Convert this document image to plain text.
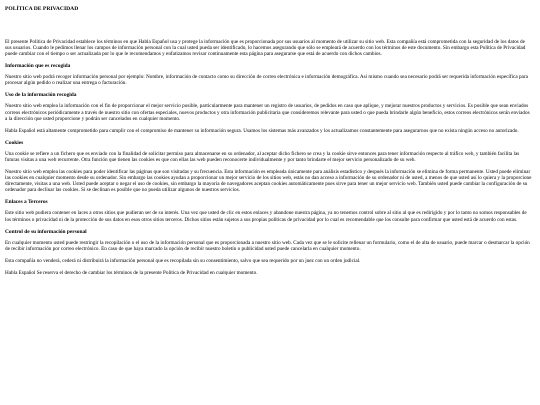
POLÍTICA DE PRIVACIDAD

El presente Política de Privacidad establece los términos en que Habla Español usa y protege la información que es proporcionada por sus usuarios al momento de utilizar su sitio web. Esta compañía está comprometida con la seguridad de los datos de sus usuarios. Cuando le pedimos llenar los campos de información personal con la cual usted pueda ser identificado, lo hacemos asegurando que sólo se empleará de acuerdo con los términos de este documento. Sin embargo esta Política de Privacidad puede cambiar con el tiempo o ser actualizada por lo que le recomendamos y enfatizamos revisar continuamente esta página para asegurarse que está de acuerdo con dichos cambios.

Información que es recogida

Nuestro sitio web podrá recoger información personal por ejemplo: Nombre, información de contacto como su dirección de correo electrónica e información demográfica. Así mismo cuando sea necesario podrá ser requerida información específica para procesar algún pedido o realizar una entrega o facturación.

Uso de la información recogida

Nuestro sitio web emplea la información con el fin de proporcionar el mejor servicio posible, particularmente para mantener un registro de usuarios, de pedidos en caso que aplique, y mejorar nuestros productos y servicios. Es posible que sean enviados correos electrónicos periódicamente a través de nuestro sitio con ofertas especiales, nuevos productos y otra información publicitaria que consideremos relevante para usted o que pueda brindarle algún beneficio, estos correos electrónicos serán enviados a la dirección que usted proporcione y podrán ser cancelados en cualquier momento.

Habla Español está altamente comprometido para cumplir con el compromiso de mantener su información segura. Usamos los sistemas más avanzados y los actualizamos constantemente para asegurarnos que no exista ningún acceso no autorizado.

Cookies

Una cookie se refiere a un fichero que es enviado con la finalidad de solicitar permiso para almacenarse en su ordenador, al aceptar dicho fichero se crea y la cookie sirve entonces para tener información respecto al tráfico web, y también facilita las futuras visitas a una web recurrente. Otra función que tienen las cookies es que con ellas las web pueden reconocerte individualmente y por tanto brindarte el mejor servicio personalizado de su web.

Nuestro sitio web emplea las cookies para poder identificar las páginas que son visitadas y su frecuencia. Esta información es empleada únicamente para análisis estadístico y después la información se elimina de forma permanente. Usted puede eliminar las cookies en cualquier momento desde su ordenador. Sin embargo las cookies ayudan a proporcionar un mejor servicio de los sitios web, estás no dan acceso a información de su ordenador ni de usted, a menos de que usted así lo quiera y la proporcione directamente, visitas a una web. Usted puede aceptar o negar el uso de cookies, sin embargo la mayoría de navegadores aceptan cookies automáticamente pues sirve para tener un mejor servicio web. También usted puede cambiar la configuración de su ordenador para declinar las cookies. Si se declinan es posible que no pueda utilizar algunos de nuestros servicios.

Enlaces a Terceros

Este sitio web pudiera contener en laces a otros sitios que pudieran ser de su interés. Una vez que usted de clic en estos enlaces y abandone nuestra página, ya no tenemos control sobre al sitio al que es redirigido y por lo tanto no somos responsables de los términos o privacidad ni de la protección de sus datos en esos otros sitios terceros. Dichos sitios están sujetos a sus propias políticas de privacidad por lo cual es recomendable que los consulte para confirmar que usted está de acuerdo con estas.

Control de su información personal

En cualquier momento usted puede restringir la recopilación o el uso de la información personal que es proporcionada a nuestro sitio web. Cada vez que se le solicite rellenar un formulario, como el de alta de usuario, puede marcar o desmarcar la opción de recibir información por correo electrónico. En caso de que haya marcado la opción de recibir nuestro boletín o publicidad usted puede cancelarla en cualquier momento.

Esta compañía no venderá, cederá ni distribuirá la información personal que es recopilada sin su consentimiento, salvo que sea requerido por un juez con un orden judicial.

Habla Español Se reserva el derecho de cambiar los términos de la presente Política de Privacidad en cualquier momento.
